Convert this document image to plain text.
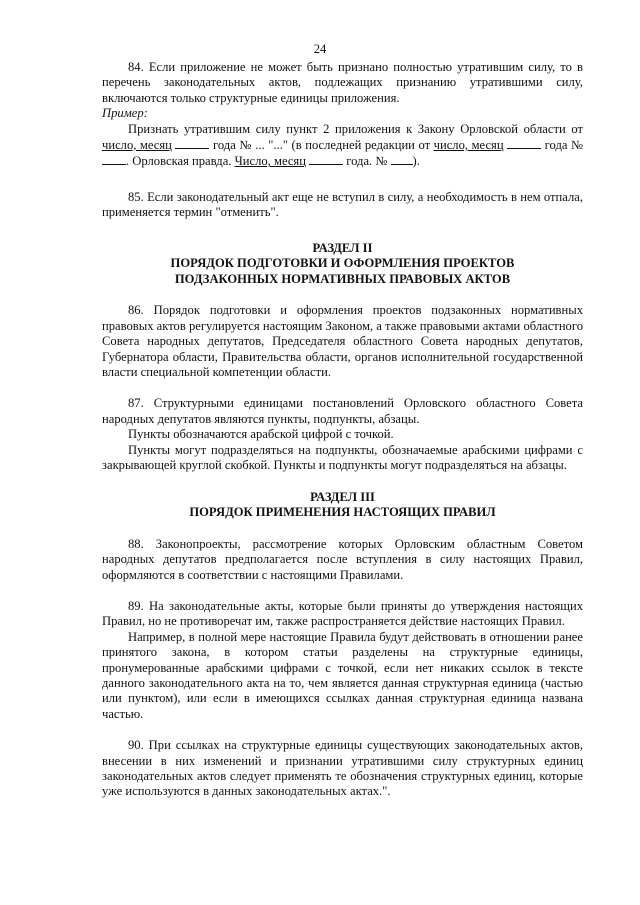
24

84. Если приложение не может быть признано полностью утратившим силу, то в перечень законодательных актов, подлежащих признанию утратившими силу, включаются только структурные единицы приложения.

Пример:

Признать утратившим силу пункт 2 приложения к Закону Орловской области от число, месяц	года № ... "..." (в последней редакции от число, месяц	года №. Орловская правда. Число, месяц	года. № ).

85. Если законодательный акт еще не вступил в силу, а необходимость в нем отпала, применяется термин "отменить".

РАЗДЕЛ II

ПОРЯДОК ПОДГОТОВКИ И ОФОРМЛЕНИЯ ПРОЕКТОВ

ПОДЗАКОННЫХ НОРМАТИВНЫХ ПРАВОВЫХ АКТОВ

86. Порядок подготовки и оформления проектов подзаконных нормативных правовых актов регулируется настоящим Законом, а также правовыми актами областного Совета народных депутатов, Председателя областного Совета народных депутатов, Губернатора области, Правительства области, органов исполнительной государственной власти специальной компетенции области.

87. Структурными единицами постановлений Орловского областного Совета народных депутатов являются пункты, подпункты, абзацы.

Пункты обозначаются арабской цифрой с точкой.

Пункты могут подразделяться на подпункты, обозначаемые арабскими цифрами с закрывающей круглой скобкой. Пункты и подпункты могут подразделяться на абзацы.

РАЗДЕЛ III

ПОРЯДОК ПРИМЕНЕНИЯ НАСТОЯЩИХ ПРАВИЛ

88. Законопроекты, рассмотрение которых Орловским областным Советом народных депутатов предполагается после вступления в силу настоящих Правил, оформляются в соответствии с настоящими Правилами.

89. На законодательные акты, которые были приняты до утверждения настоящих Правил, но не противоречат им, также распространяется действие настоящих Правил.

Например, в полной мере настоящие Правила будут действовать в отношении ранее принятого закона, в котором статьи разделены на структурные единицы, пронумерованные арабскими цифрами с точкой, если нет никаких ссылок в тексте данного законодательного акта на то, чем является данная структурная единица (частью или пунктом), или если в имеющихся ссылках данная структурная единица названа частью.

90. При ссылках на структурные единицы существующих законодательных актов, внесении в них изменений и признании утратившими силу структурных единиц законодательных актов следует применять те обозначения структурных единиц, которые уже используются в данных законодательных актах.".
